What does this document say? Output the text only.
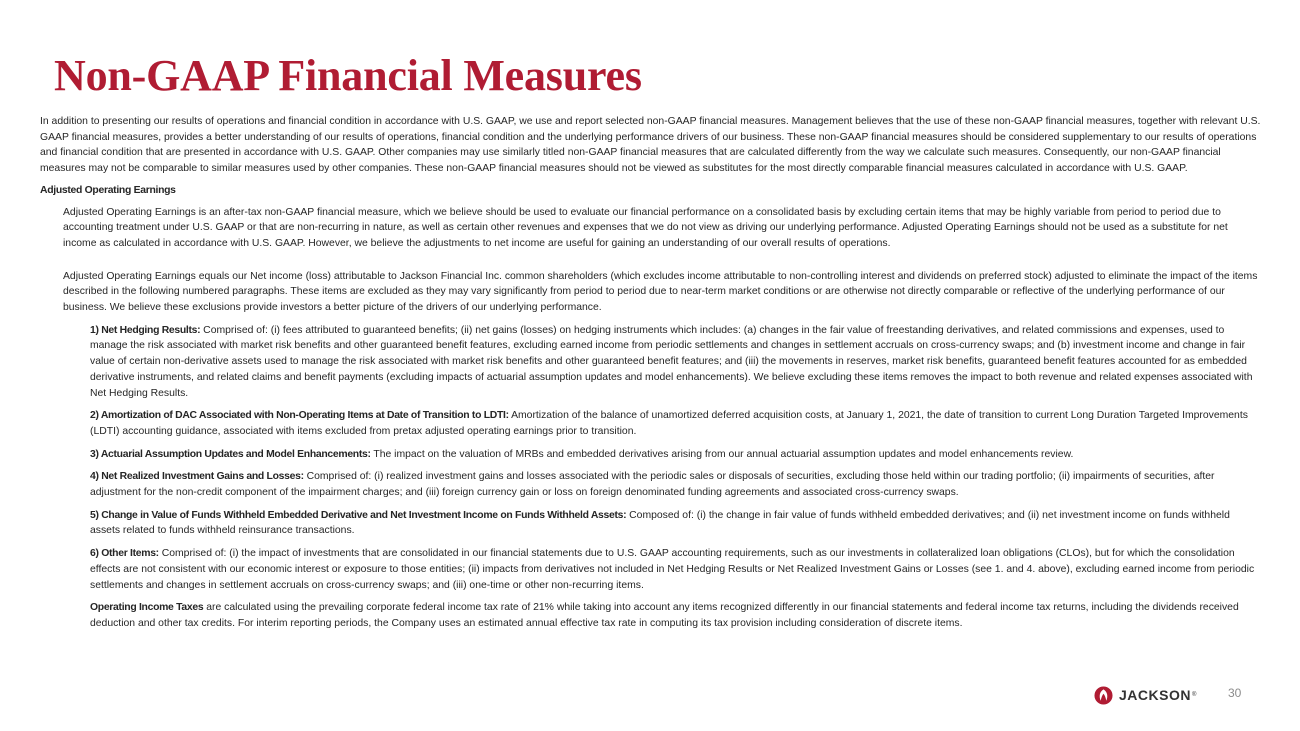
Non-GAAP Financial Measures

In addition to presenting our results of operations and financial condition in accordance with U.S. GAAP, we use and report selected non-GAAP financial measures. Management believes that the use of these non-GAAP financial measures, together with relevant U.S. GAAP financial measures, provides a better understanding of our results of operations, financial condition and the underlying performance drivers of our business. These non-GAAP financial measures should be considered supplementary to our results of operations and financial condition that are presented in accordance with U.S. GAAP. Other companies may use similarly titled non-GAAP financial measures that are calculated differently from the way we calculate such measures. Consequently, our non-GAAP financial measures may not be comparable to similar measures used by other companies. These non-GAAP financial measures should not be viewed as substitutes for the most directly comparable financial measures calculated in accordance with U.S. GAAP.

Adjusted Operating Earnings

Adjusted Operating Earnings is an after-tax non-GAAP financial measure, which we believe should be used to evaluate our financial performance on a consolidated basis by excluding certain items that may be highly variable from period to period due to accounting treatment under U.S. GAAP or that are non-recurring in nature, as well as certain other revenues and expenses that we do not view as driving our underlying performance. Adjusted Operating Earnings should not be used as a substitute for net income as calculated in accordance with U.S. GAAP. However, we believe the adjustments to net income are useful for gaining an understanding of our overall results of operations.

Adjusted Operating Earnings equals our Net income (loss) attributable to Jackson Financial Inc. common shareholders (which excludes income attributable to non-controlling interest and dividends on preferred stock) adjusted to eliminate the impact of the items described in the following numbered paragraphs. These items are excluded as they may vary significantly from period to period due to near-term market conditions or are otherwise not directly comparable or reflective of the underlying performance of our business. We believe these exclusions provide investors a better picture of the drivers of our underlying performance.

1) Net Hedging Results: Comprised of: (i) fees attributed to guaranteed benefits; (ii) net gains (losses) on hedging instruments which includes: (a) changes in the fair value of freestanding derivatives, and related commissions and expenses, used to manage the risk associated with market risk benefits and other guaranteed benefit features, excluding earned income from periodic settlements and changes in settlement accruals on cross-currency swaps; and (b) investment income and change in fair value of certain non-derivative assets used to manage the risk associated with market risk benefits and other guaranteed benefit features; and (iii) the movements in reserves, market risk benefits, guaranteed benefit features accounted for as embedded derivative instruments, and related claims and benefit payments (excluding impacts of actuarial assumption updates and model enhancements). We believe excluding these items removes the impact to both revenue and related expenses associated with Net Hedging Results.

2) Amortization of DAC Associated with Non-Operating Items at Date of Transition to LDTI: Amortization of the balance of unamortized deferred acquisition costs, at January 1, 2021, the date of transition to current Long Duration Targeted Improvements (LDTI) accounting guidance, associated with items excluded from pretax adjusted operating earnings prior to transition.

3) Actuarial Assumption Updates and Model Enhancements: The impact on the valuation of MRBs and embedded derivatives arising from our annual actuarial assumption updates and model enhancements review.

4) Net Realized Investment Gains and Losses: Comprised of: (i) realized investment gains and losses associated with the periodic sales or disposals of securities, excluding those held within our trading portfolio; (ii) impairments of securities, after adjustment for the non-credit component of the impairment charges; and (iii) foreign currency gain or loss on foreign denominated funding agreements and associated cross-currency swaps.

5) Change in Value of Funds Withheld Embedded Derivative and Net Investment Income on Funds Withheld Assets: Composed of: (i) the change in fair value of funds withheld embedded derivatives; and (ii) net investment income on funds withheld assets related to funds withheld reinsurance transactions.

6) Other Items: Comprised of: (i) the impact of investments that are consolidated in our financial statements due to U.S. GAAP accounting requirements, such as our investments in collateralized loan obligations (CLOs), but for which the consolidation effects are not consistent with our economic interest or exposure to those entities; (ii) impacts from derivatives not included in Net Hedging Results or Net Realized Investment Gains or Losses (see 1. and 4. above), excluding earned income from periodic settlements and changes in settlement accruals on cross-currency swaps; and (iii) one-time or other non-recurring items.

Operating Income Taxes are calculated using the prevailing corporate federal income tax rate of 21% while taking into account any items recognized differently in our financial statements and federal income tax returns, including the dividends received deduction and other tax credits. For interim reporting periods, the Company uses an estimated annual effective tax rate in computing its tax provision including consideration of discrete items.

JACKSON ®	30
